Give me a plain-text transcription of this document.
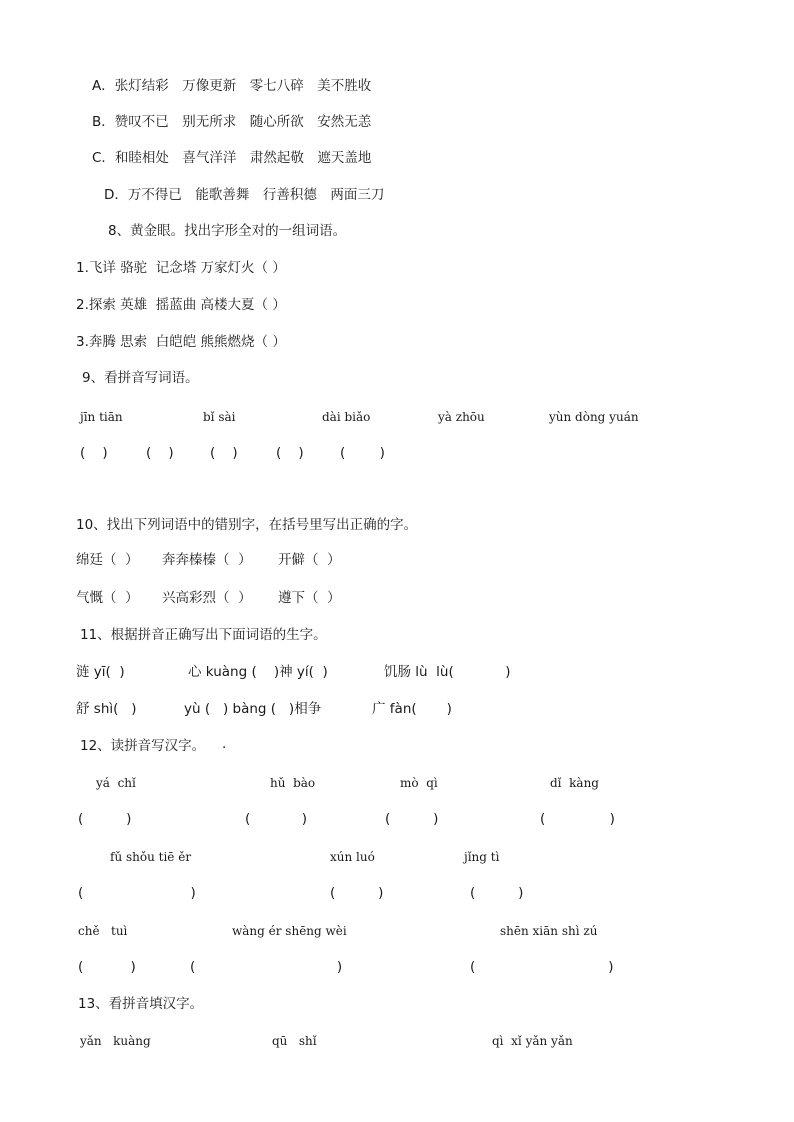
A．张灯结彩　万像更新　零七八碎　美不胜收
B．赞叹不已　别无所求　随心所欲　安然无恙
C．和睦相处　喜气洋洋　肃然起敬　遮天盖地
D．万不得已　能歌善舞　行善积德　两面三刀
8、黄金眼。找出字形全对的一组词语。
1.飞详 骆驼  记念塔 万家灯火（ ）
2.探索 英雄  摇蓝曲 高楼大夏（ ）
3.奔腾 思索  白皑皑 熊熊燃烧（ ）
9、看拼音写词语。
jīn tiān	bǐ sài	dài biǎo	yà zhōu	yùn dòng yuán
(    )	(    )	(    )	(    )	(        )
10、找出下列词语中的错别字，在括号里写出正确的字。
绵廷（  ） 奔奔榛榛（  ） 开僻（  ）
气慨（  ） 兴高彩烈（  ） 遵下（  ）
11、根据拼音正确写出下面词语的生字。
涟 yī(  )	心 kuàng (    )神 yí(  )	饥肠 lù  lù(            )
舒 shì(   )	yù (   ) bàng (   )相争	广 fàn(       )
12、读拼音写汉字。 .
yá  chǐ	hǔ  bào	mò  qì	dǐ  kàng
(          )	(            )	(          )	(               )
fǔ shǒu tiē ěr	xún luó	jǐng tì
(                         )	(          )	(          )
chě   tuì	wàng ér shēng wèi	shēn xiān shì zú
(           )	(                                 )	(                               )
13、看拼音填汉字。
yǎn   kuàng	qū   shǐ	qì  xǐ yǎn yǎn
